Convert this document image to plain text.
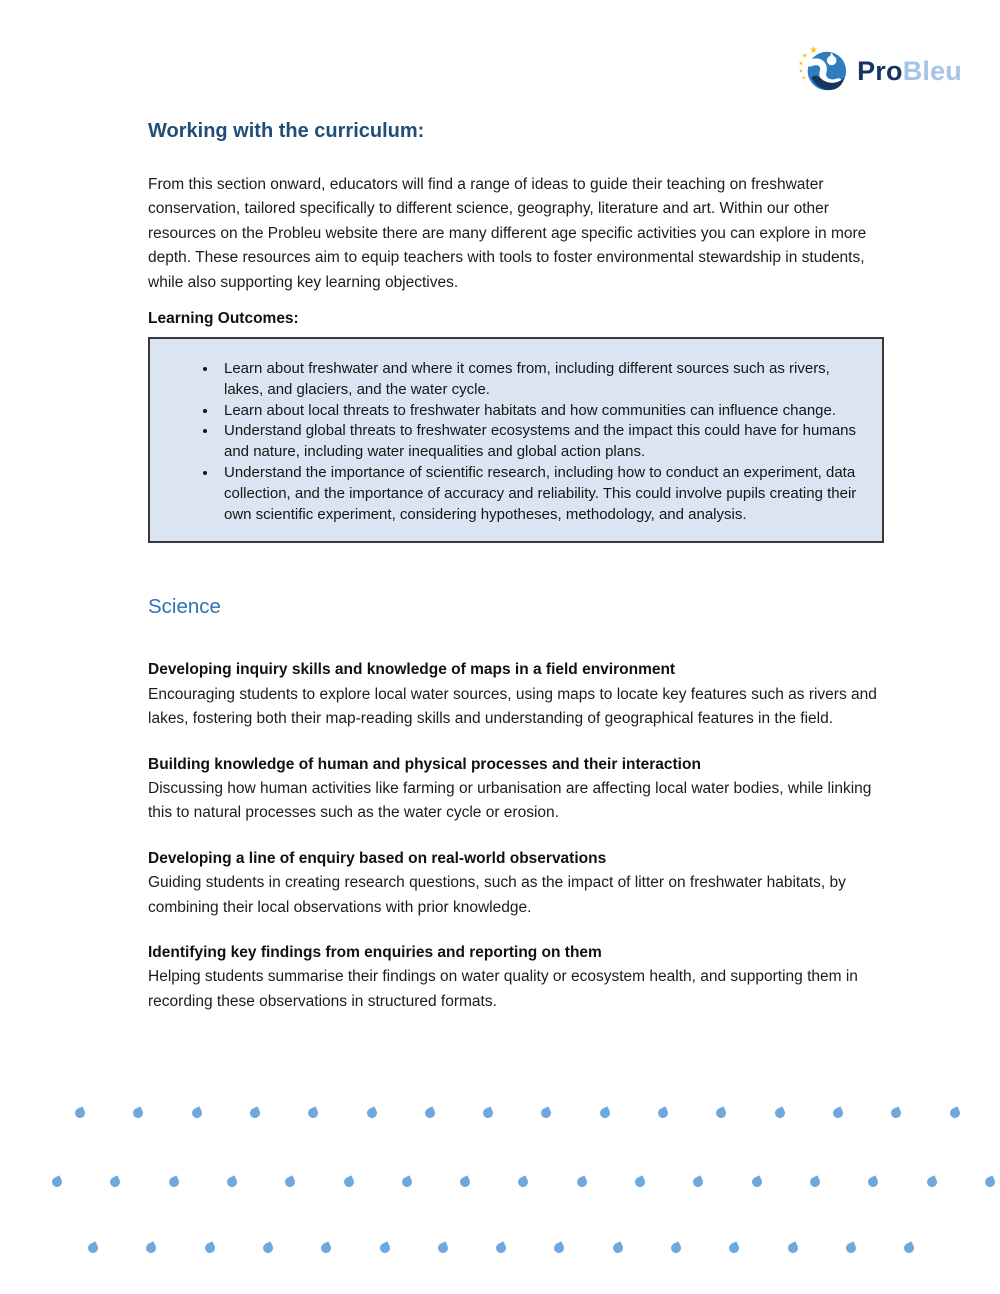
ProBleu
Working with the curriculum:

From this section onward, educators will find a range of ideas to guide their teaching on freshwater conservation, tailored specifically to different science, geography, literature and art. Within our other resources on the Probleu website there are many different age specific activities you can explore in more depth. These resources aim to equip teachers with tools to foster environmental stewardship in students, while also supporting key learning objectives.

Learning Outcomes:
• Learn about freshwater and where it comes from, including different sources such as rivers, lakes, and glaciers, and the water cycle.
• Learn about local threats to freshwater habitats and how communities can influence change.
• Understand global threats to freshwater ecosystems and the impact this could have for humans and nature, including water inequalities and global action plans.
• Understand the importance of scientific research, including how to conduct an experiment, data collection, and the importance of accuracy and reliability. This could involve pupils creating their own scientific experiment, considering hypotheses, methodology, and analysis.
Science
Developing inquiry skills and knowledge of maps in a field environment

Encouraging students to explore local water sources, using maps to locate key features such as rivers and lakes, fostering both their map-reading skills and understanding of geographical features in the field.

Building knowledge of human and physical processes and their interaction

Discussing how human activities like farming or urbanisation are affecting local water bodies, while linking this to natural processes such as the water cycle or erosion.

Developing a line of enquiry based on real-world observations

Guiding students in creating research questions, such as the impact of litter on freshwater habitats, by combining their local observations with prior knowledge.

Identifying key findings from enquiries and reporting on them

Helping students summarise their findings on water quality or ecosystem health, and supporting them in recording these observations in structured formats.
